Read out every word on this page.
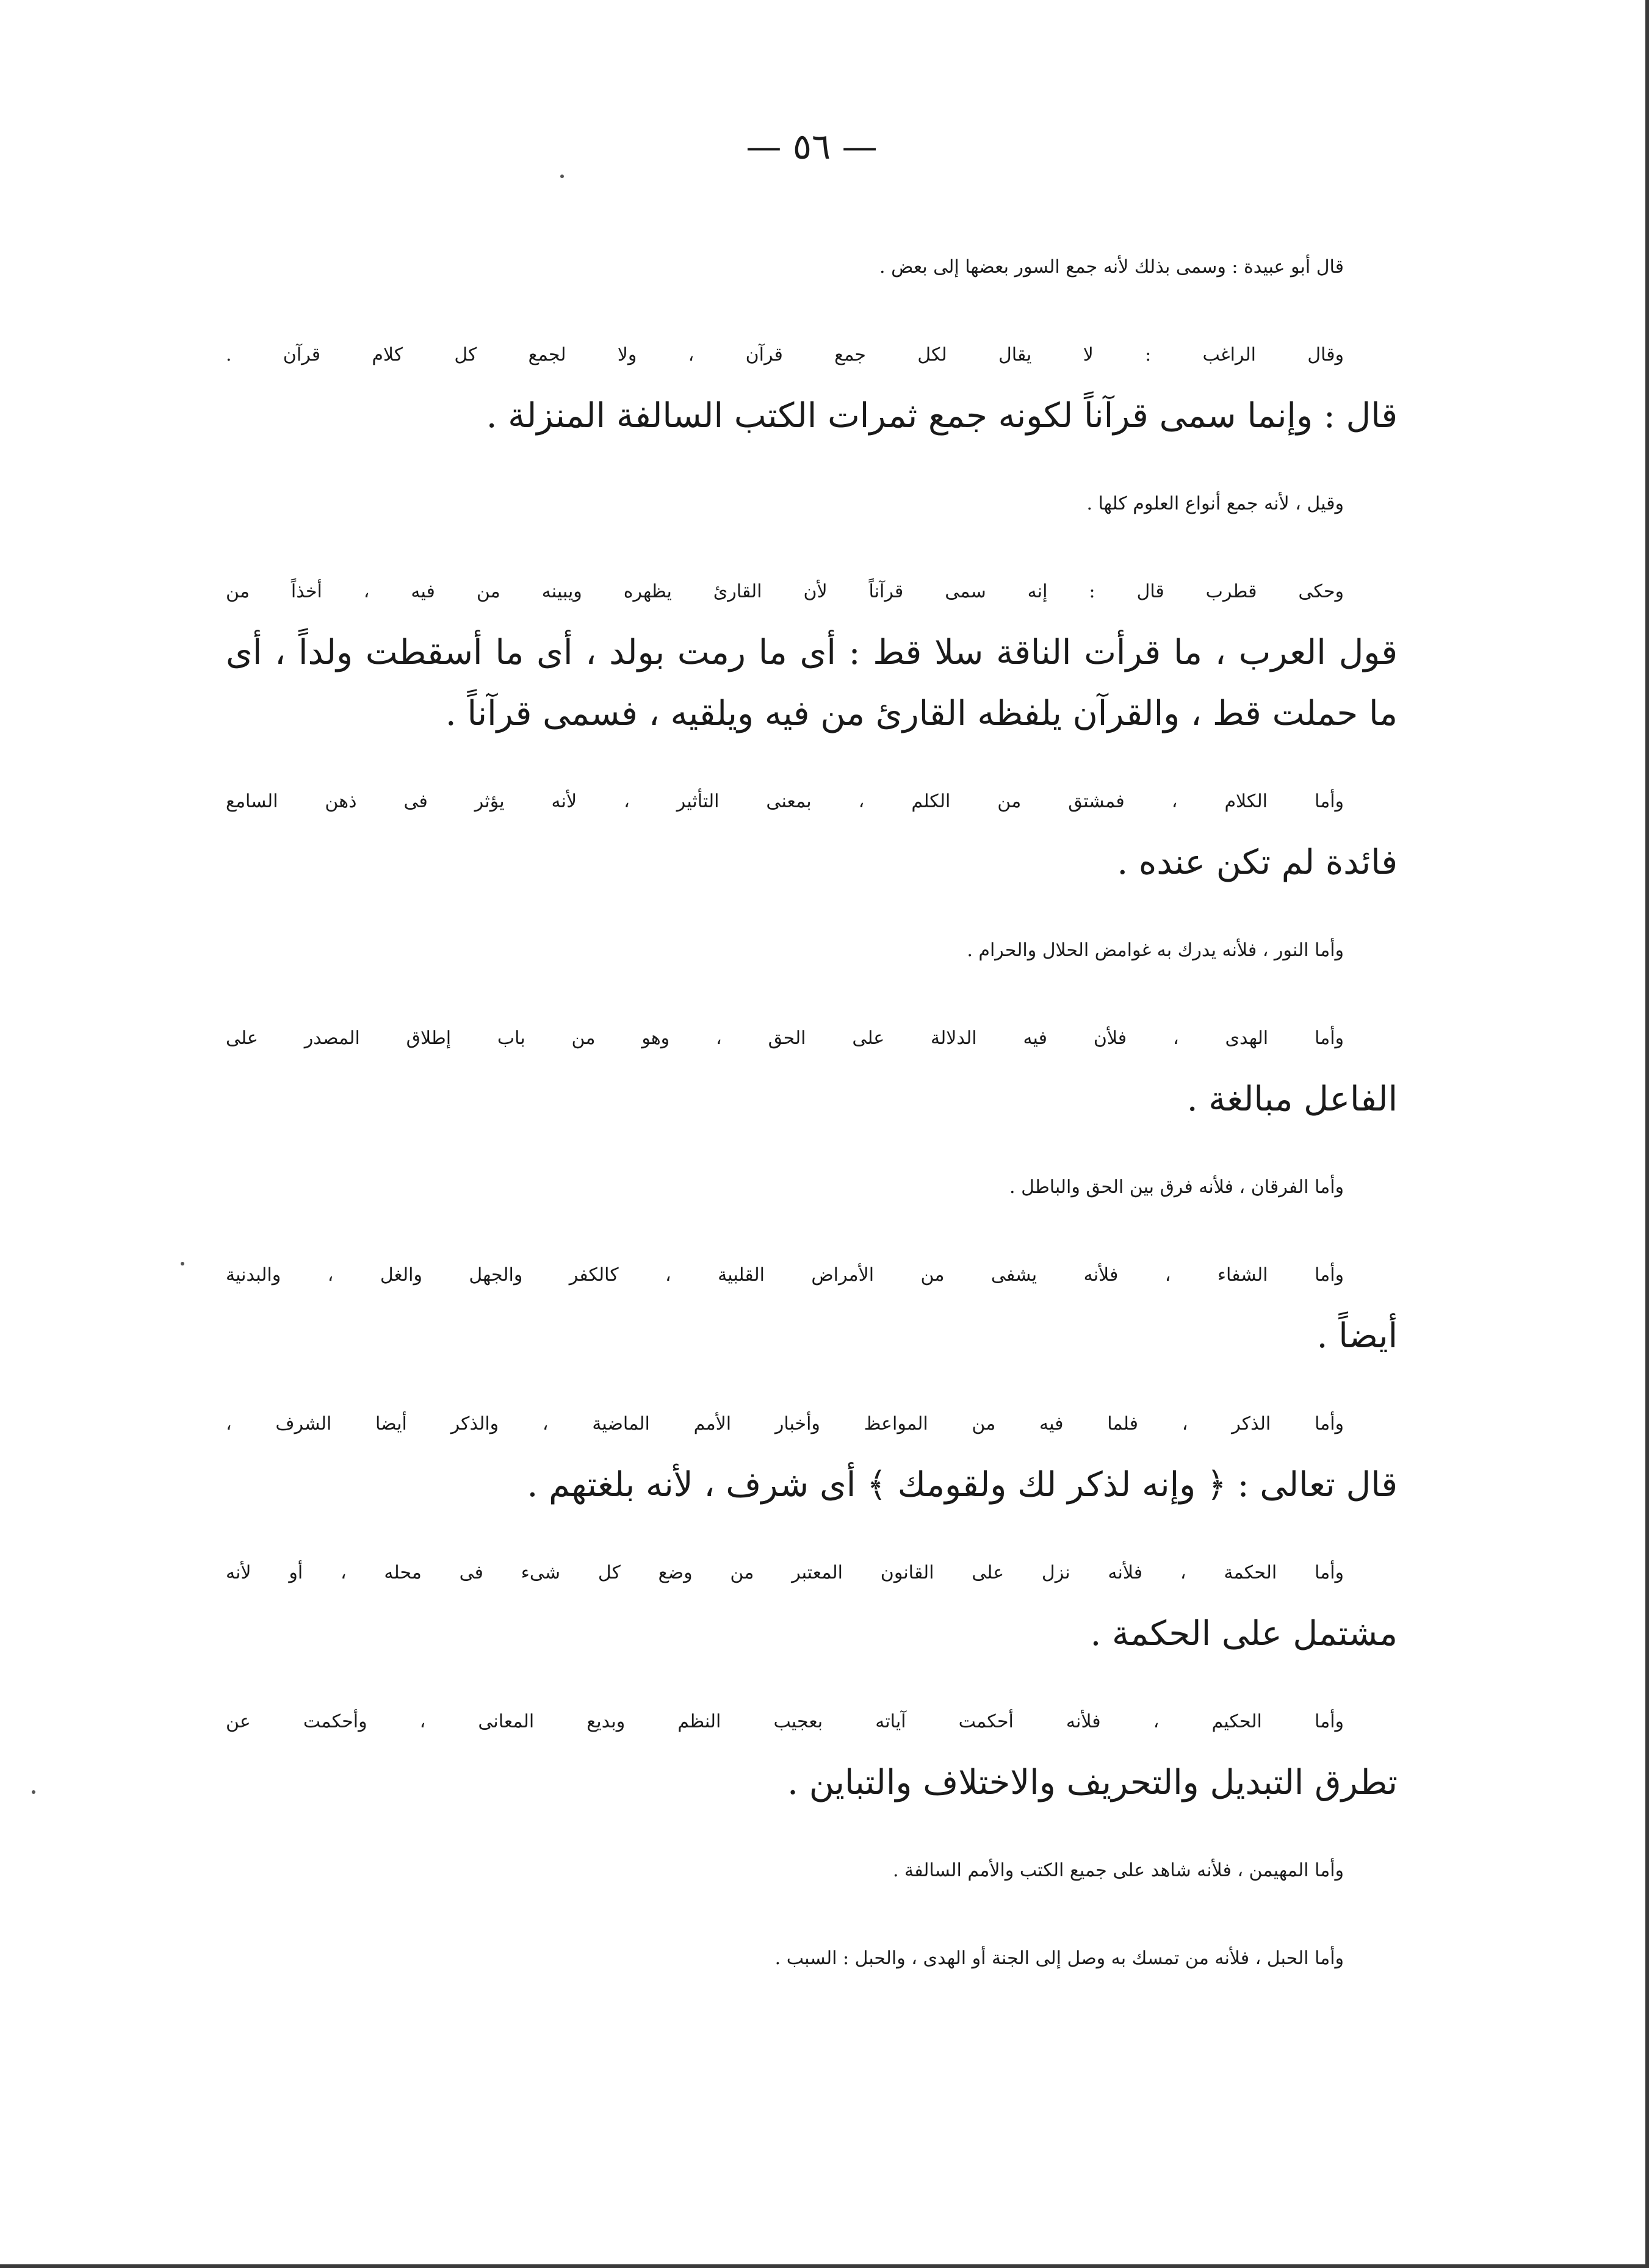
— ٥٦ —
قال أبو عبيدة : وسمى بذلك لأنه جمع السور بعضها إلى بعض .
وقال الراغب : لا يقال لكل جمع قرآن ، ولا لجمع كل كلام قرآن .
قال : وإنما سمى قرآناً لكونه جمع ثمرات الكتب السالفة المنزلة .
وقيل ، لأنه جمع أنواع العلوم كلها .
وحكى قطرب قال : إنه سمى قرآناً لأن القارئ يظهره ويبينه من فيه ، أخذاً من
قول العرب ، ما قرأت الناقة سلا قط : أى ما رمت بولد ، أى ما أسقطت ولداً ، أى
ما حملت قط ، والقرآن يلفظه القارئ من فيه ويلقيه ، فسمى قرآناً .
وأما الكلام ، فمشتق من الكلم ، بمعنى التأثير ، لأنه يؤثر فى ذهن السامع
فائدة لم تكن عنده .
وأما النور ، فلأنه يدرك به غوامض الحلال والحرام .
وأما الهدى ، فلأن فيه الدلالة على الحق ، وهو من باب إطلاق المصدر على
الفاعل مبالغة .
وأما الفرقان ، فلأنه فرق بين الحق والباطل .
وأما الشفاء ، فلأنه يشفى من الأمراض القلبية ، كالكفر والجهل والغل ، والبدنية
أيضاً .
وأما الذكر ، فلما فيه من المواعظ وأخبار الأمم الماضية ، والذكر أيضا الشرف ،
قال تعالى : ﴿ وإنه لذكر لك ولقومك ﴾ أى شرف ، لأنه بلغتهم .
وأما الحكمة ، فلأنه نزل على القانون المعتبر من وضع كل شىء فى محله ، أو لأنه
مشتمل على الحكمة .
وأما الحكيم ، فلأنه أحكمت آياته بعجيب النظم وبديع المعانى ، وأحكمت عن
تطرق التبديل والتحريف والاختلاف والتباين .
وأما المهيمن ، فلأنه شاهد على جميع الكتب والأمم السالفة .
وأما الحبل ، فلأنه من تمسك به وصل إلى الجنة أو الهدى ، والحبل : السبب .
